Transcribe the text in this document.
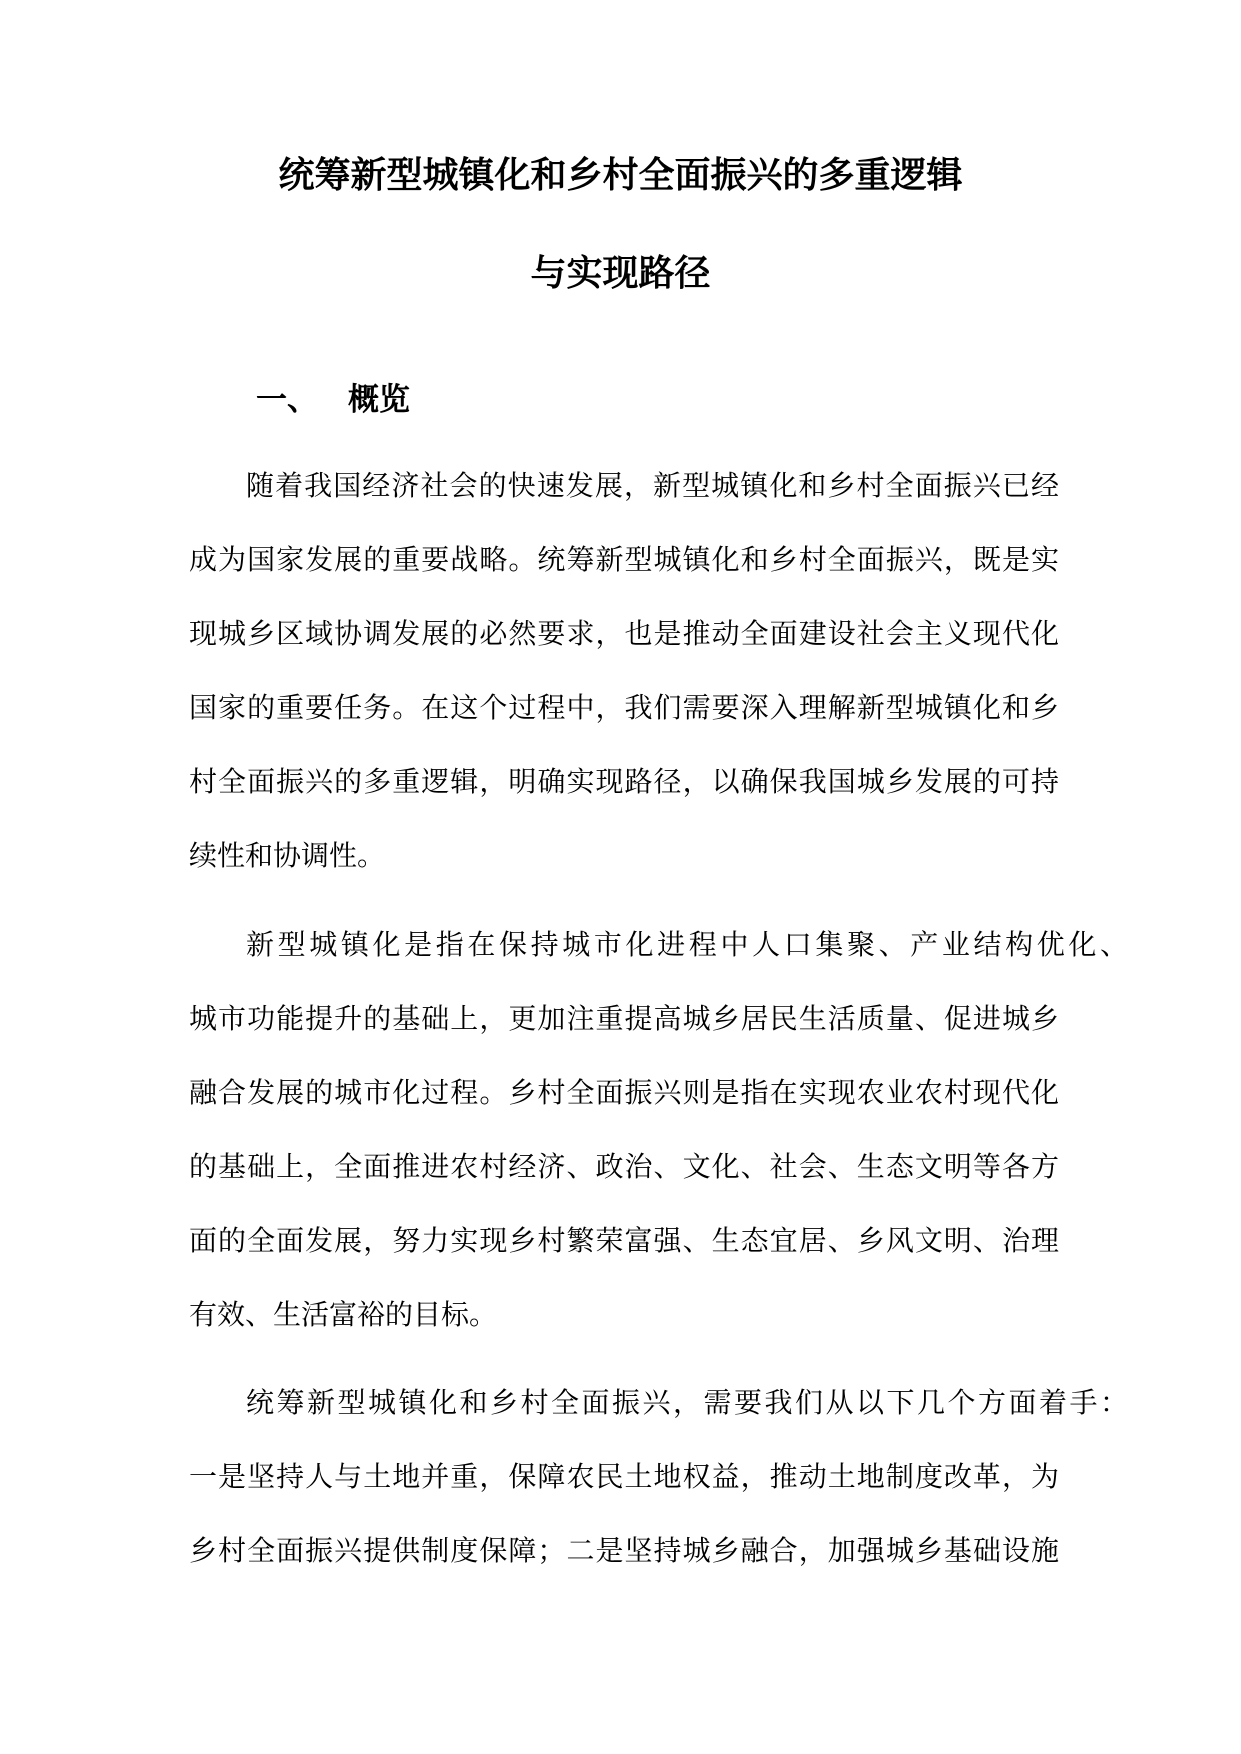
统筹新型城镇化和乡村全面振兴的多重逻辑
与实现路径
一、 概览
随着我国经济社会的快速发展，新型城镇化和乡村全面振兴已经
成为国家发展的重要战略。统筹新型城镇化和乡村全面振兴，既是实
现城乡区域协调发展的必然要求，也是推动全面建设社会主义现代化
国家的重要任务。在这个过程中，我们需要深入理解新型城镇化和乡
村全面振兴的多重逻辑，明确实现路径，以确保我国城乡发展的可持
续性和协调性。
新型城镇化是指在保持城市化进程中人口集聚、产业结构优化、
城市功能提升的基础上，更加注重提高城乡居民生活质量、促进城乡
融合发展的城市化过程。乡村全面振兴则是指在实现农业农村现代化
的基础上，全面推进农村经济、政治、文化、社会、生态文明等各方
面的全面发展，努力实现乡村繁荣富强、生态宜居、乡风文明、治理
有效、生活富裕的目标。
统筹新型城镇化和乡村全面振兴，需要我们从以下几个方面着手：
一是坚持人与土地并重，保障农民土地权益，推动土地制度改革，为
乡村全面振兴提供制度保障；二是坚持城乡融合，加强城乡基础设施
